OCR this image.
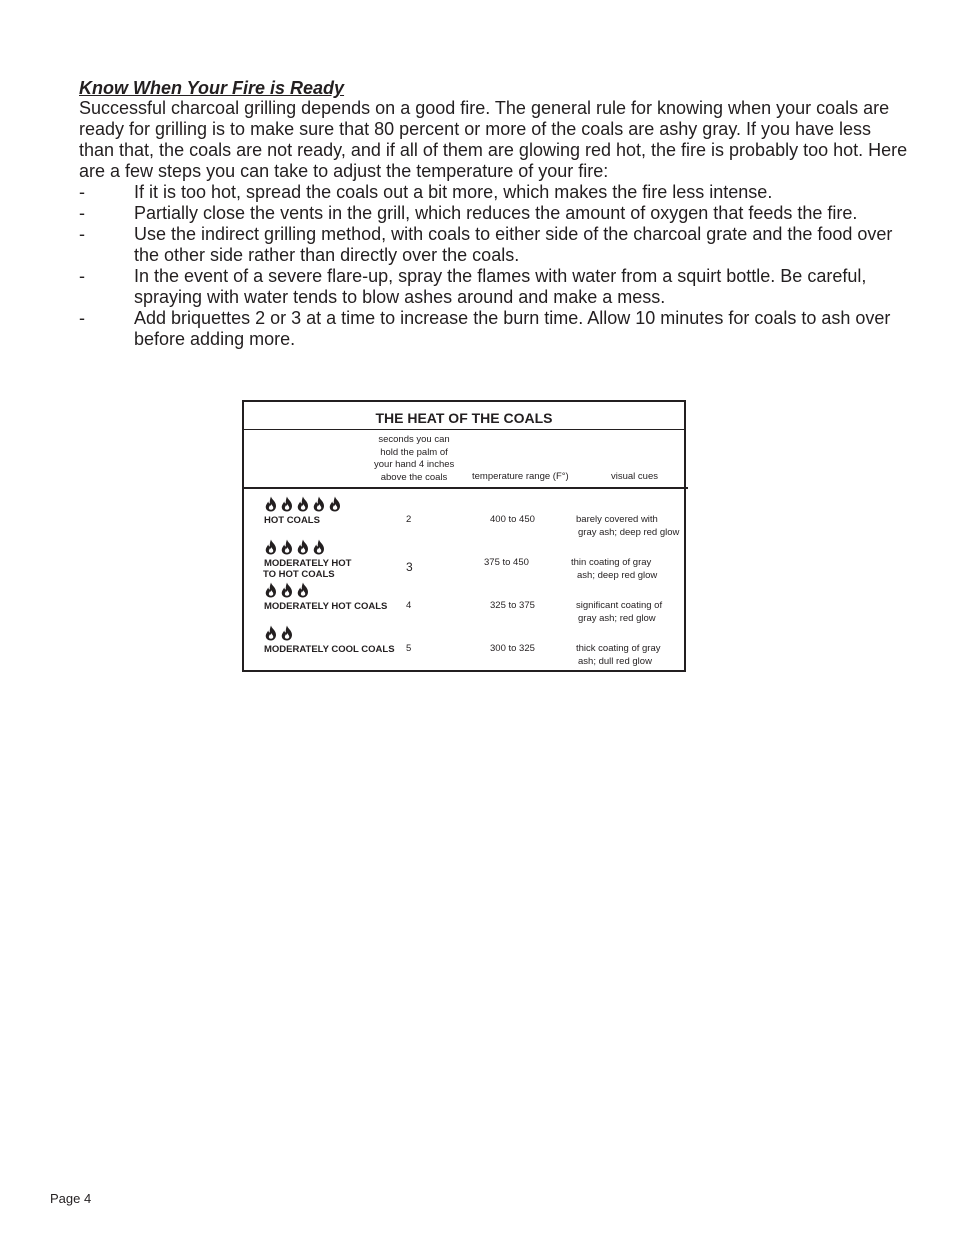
Know When Your Fire is Ready
Successful charcoal grilling depends on a good fire. The general rule for knowing when your coals are ready for grilling is to make sure that 80 percent or more of the coals are ashy gray. If you have less than that, the coals are not ready, and if all of them are glowing red hot, the fire is probably too hot. Here are a few steps you can take to adjust the temperature of your fire:
-	If it is too hot, spread the coals out a bit more, which makes the fire less intense.
-	Partially close the vents in the grill, which reduces the amount of oxygen that feeds the fire.
-	Use the indirect grilling method, with coals to either side of the charcoal grate and the food over the other side rather than directly over the coals.
-	In the event of a severe flare-up, spray the flames with water from a squirt bottle. Be careful, spraying with water tends to blow ashes around and make a mess.
-	Add briquettes 2 or 3 at a time to increase the burn time. Allow 10 minutes for coals to ash over before adding more.
THE HEAT OF THE COALS
seconds you can
hold the palm of
your hand 4 inches
above the coals	temperature range (F°)	visual cues
HOT COALS	2	400 to 450	barely covered with
gray ash; deep red glow
MODERATELY HOT
TO HOT COALS
3	375 to 450	thin coating of gray
ash; deep red glow
MODERATELY HOT COALS 4	325 to 375	significant coating of
gray ash; red glow
MODERATELY COOL COALS 5	300 to 325	thick coating of gray
ash; dull red glow
Page 4
